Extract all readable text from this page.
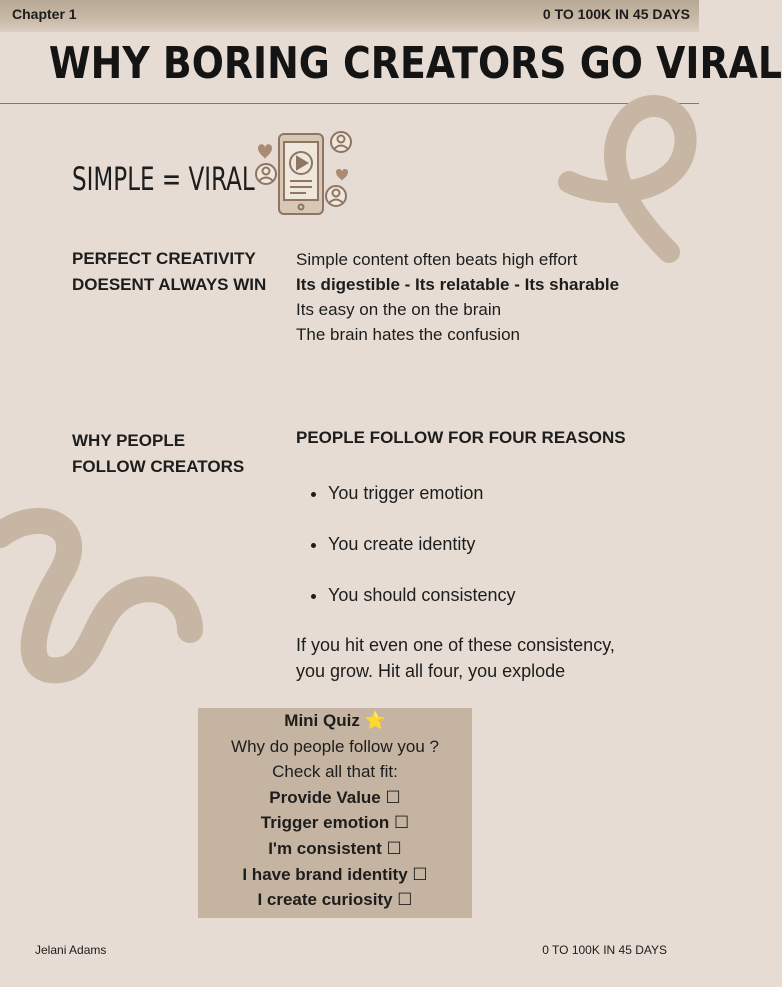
Chapter 1	0 TO 100K IN 45 DAYS
WHY BORING CREATORS GO VIRAL
SIMPLE = VIRAL
PERFECT CREATIVITY
DOESENT ALWAYS WIN
Simple content often beats high effort
Its digestible - Its relatable - Its sharable
Its easy on the on the brain
The brain hates the confusion
WHY PEOPLE
FOLLOW CREATORS
PEOPLE FOLLOW FOR FOUR REASONS
• You trigger emotion
• You create identity
• You should consistency
If you hit even one of these consistency,
you grow. Hit all four, you explode
Mini Quiz ⭐
Why do people follow you ?
Check all that fit:
Provide Value ☐
Trigger emotion ☐
I'm consistent ☐
I have brand identity ☐
I create curiosity ☐
Jelani Adams	0 TO 100K IN 45 DAYS
